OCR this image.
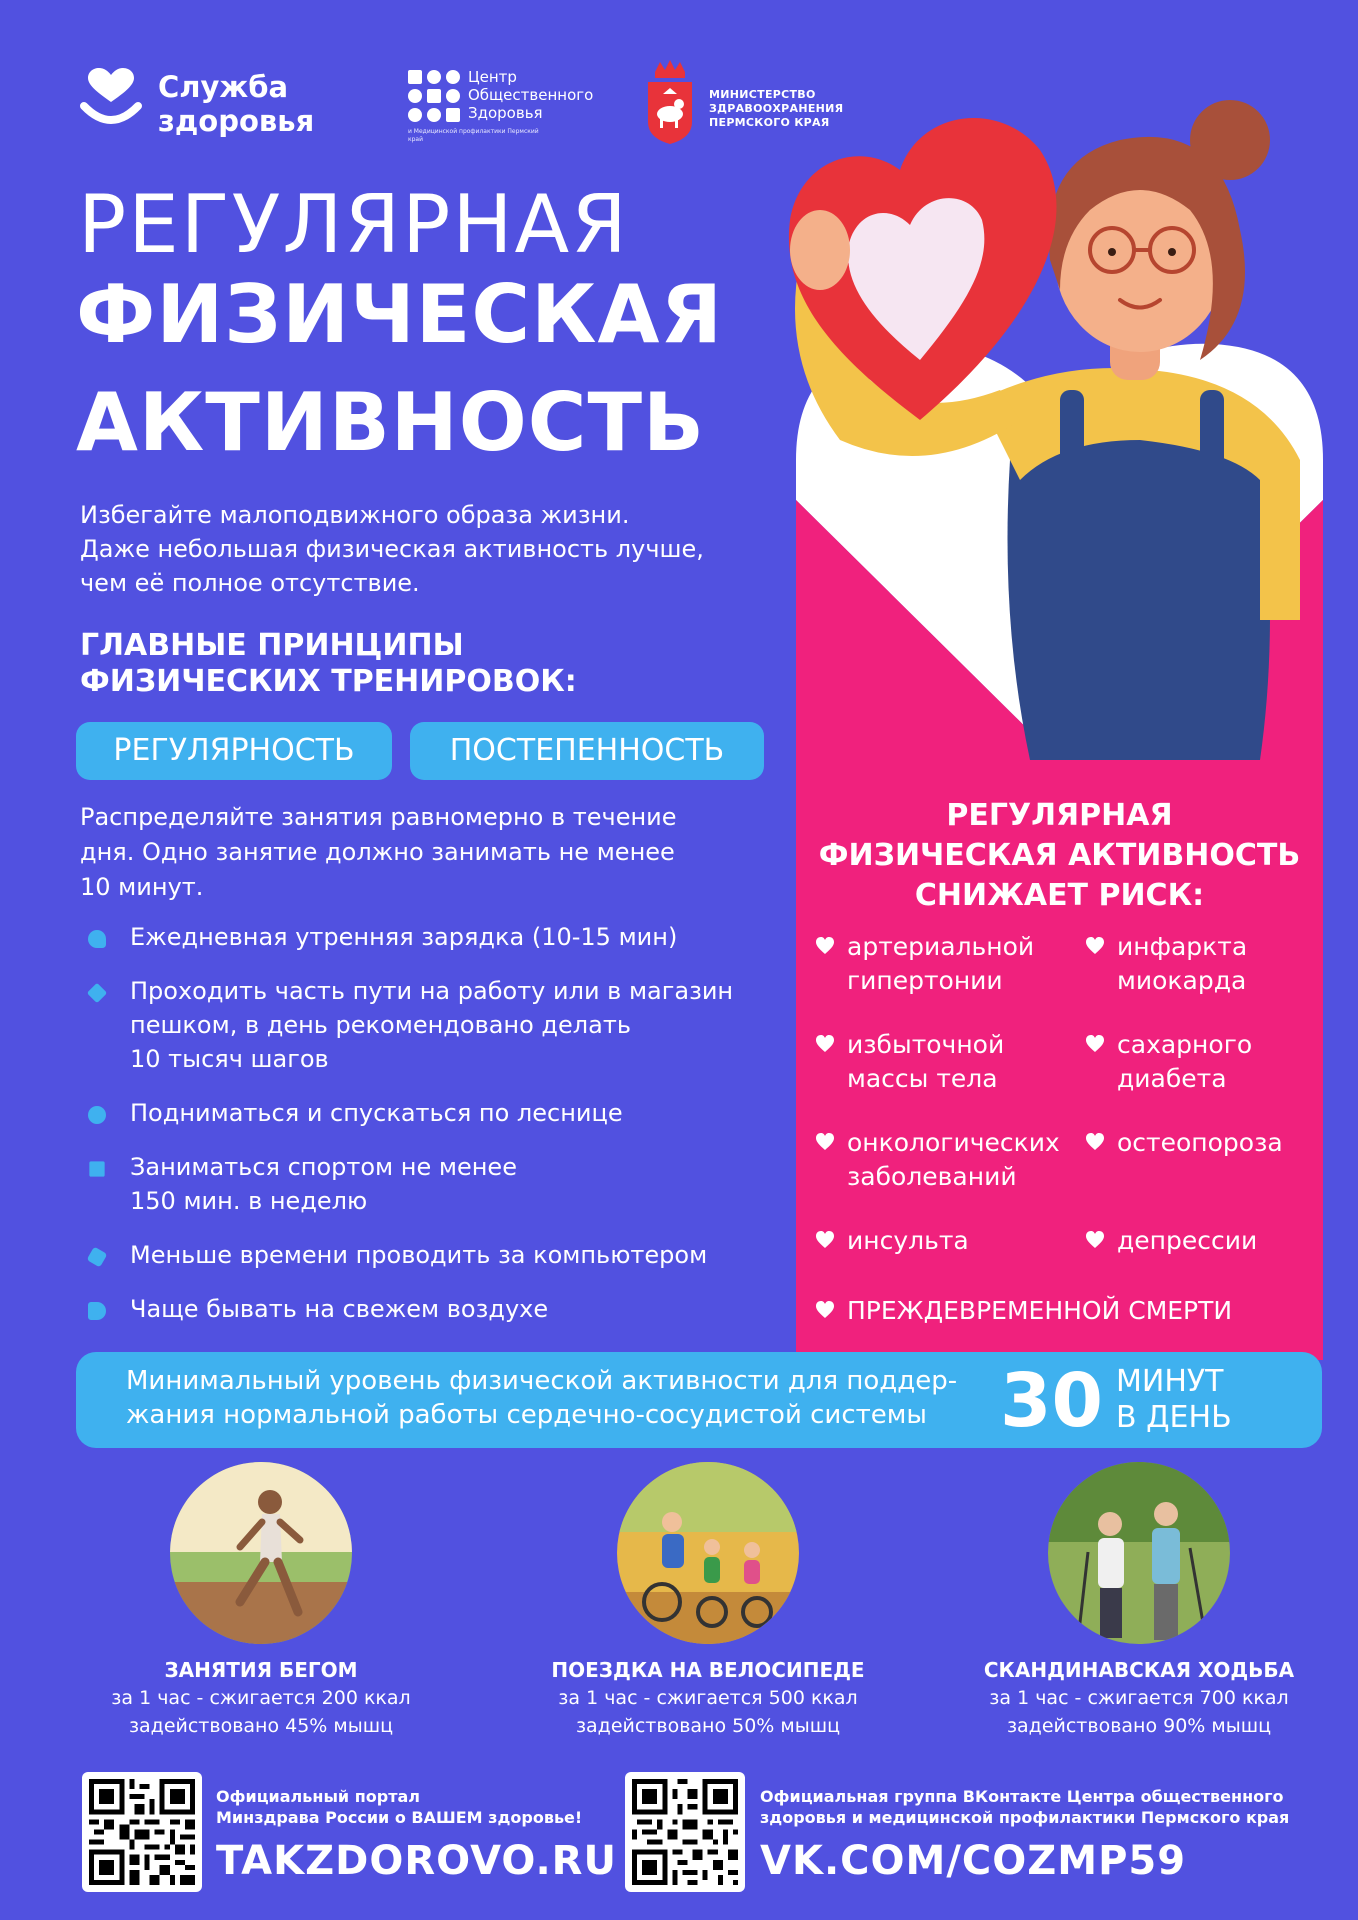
Служба
здоровья
Центр
Общественного
Здоровья
и Медицинской профилактики Пермский край
МИНИСТЕРСТВО
ЗДРАВООХРАНЕНИЯ
ПЕРМСКОГО КРАЯ
РЕГУЛЯРНАЯ
ФИЗИЧЕСКАЯ
АКТИВНОСТЬ
Избегайте малоподвижного образа жизни.
Даже небольшая физическая активность лучше,
чем её полное отсутствие.
ГЛАВНЫЕ ПРИНЦИПЫ
ФИЗИЧЕСКИХ ТРЕНИРОВОК:
РЕГУЛЯРНОСТЬ	ПОСТЕПЕННОСТЬ
Распределяйте занятия равномерно в течение
дня. Одно занятие должно занимать не менее
10 минут.
Ежедневная утренняя зарядка (10-15 мин)
Проходить часть пути на работу или в магазин
пешком, в день рекомендовано делать
10 тысяч шагов
Подниматься и спускаться по леснице
Заниматься спортом не менее
150 мин. в неделю
Меньше времени проводить за компьютером
Чаще бывать на свежем воздухе
РЕГУЛЯРНАЯ
ФИЗИЧЕСКАЯ АКТИВНОСТЬ
СНИЖАЕТ РИСК:
артериальной
гипертонии
инфаркта
миокарда
избыточной
массы тела
сахарного
диабета
онкологических
заболеваний
остеопороза
инсульта	депрессии
ПРЕЖДЕВРЕМЕННОЙ СМЕРТИ
Минимальный уровень физической активности для поддер-
жания нормальной работы сердечно-сосудистой системы 30 МИНУТ
В ДЕНЬ
ЗАНЯТИЯ БЕГОМ
за 1 час - сжигается 200 ккал
задействовано 45% мышц
ПОЕЗДКА НА ВЕЛОСИПЕДЕ
за 1 час - сжигается 500 ккал
задействовано 50% мышц
СКАНДИНАВСКАЯ ХОДЬБА
за 1 час - сжигается 700 ккал
задействовано 90% мышц
Официальный портал
Минздрава России о ВАШЕМ здоровье!
TAKZDOROVO.RU
Официальная группа ВКонтакте Центра общественного
здоровья и медицинской профилактики Пермского края
VK.COM/COZMP59
